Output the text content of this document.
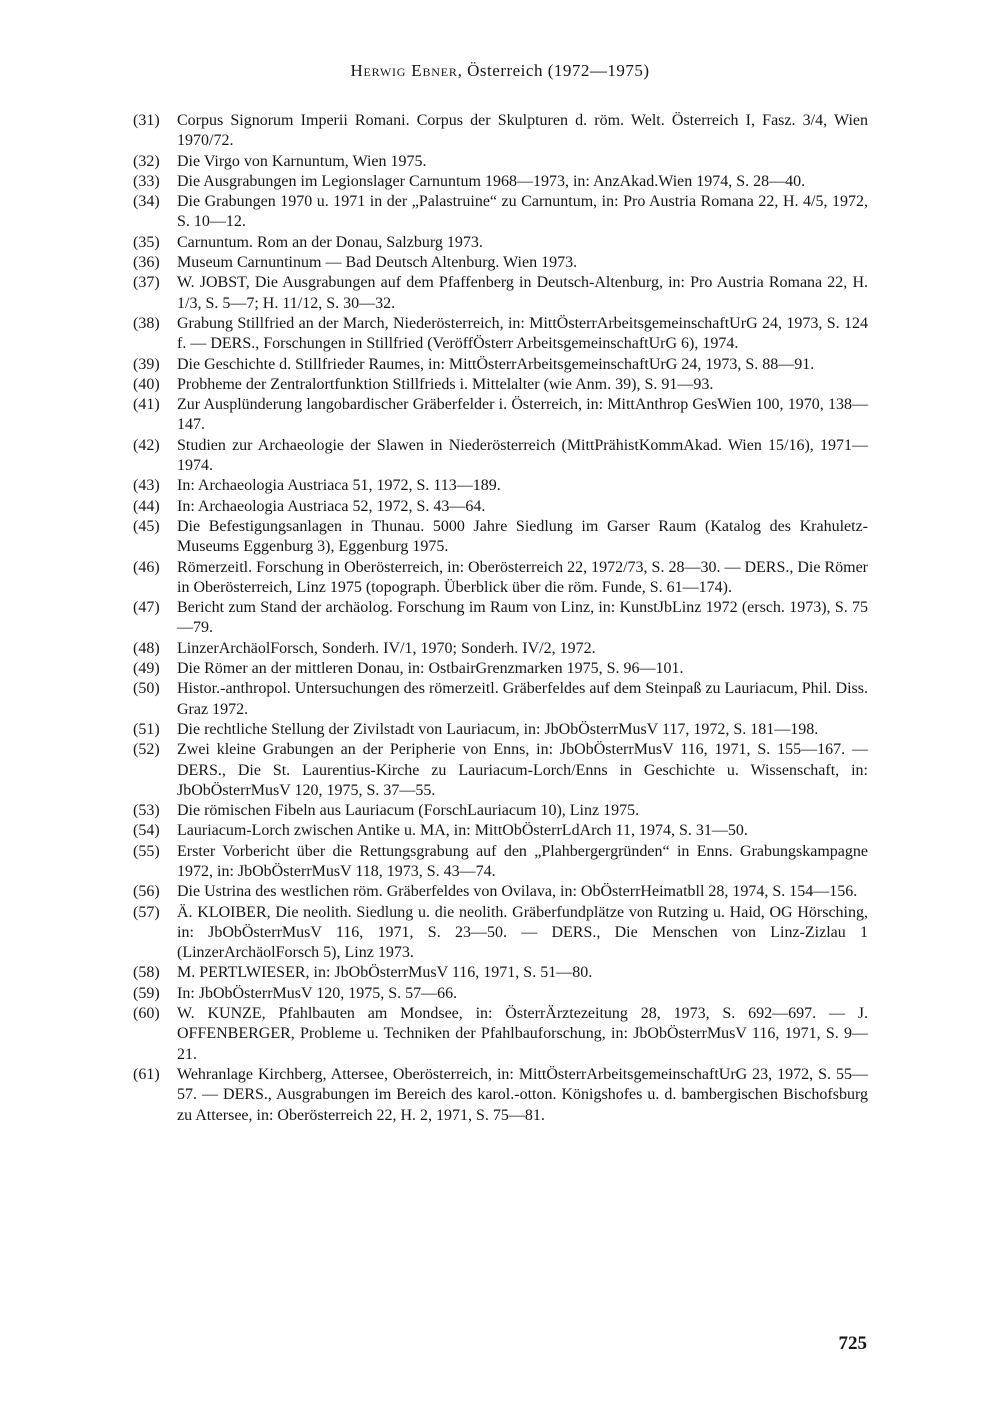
Herwig Ebner, Österreich (1972—1975)
(31)	Corpus Signorum Imperii Romani. Corpus der Skulpturen d. röm. Welt. Österreich I, Fasz. 3/4, Wien 1970/72.
(32)	Die Virgo von Karnuntum, Wien 1975.
(33)	Die Ausgrabungen im Legionslager Carnuntum 1968—1973, in: AnzAkad.Wien 1974, S. 28—40.
(34)	Die Grabungen 1970 u. 1971 in der „Palastruine“ zu Carnuntum, in: Pro Austria Romana 22, H. 4/5, 1972, S. 10—12.
(35)	Carnuntum. Rom an der Donau, Salzburg 1973.
(36)	Museum Carnuntinum — Bad Deutsch Altenburg. Wien 1973.
(37)	W. JOBST, Die Ausgrabungen auf dem Pfaffenberg in Deutsch-Altenburg, in: Pro Austria Romana 22, H. 1/3, S. 5—7; H. 11/12, S. 30—32.
(38)	Grabung Stillfried an der March, Niederösterreich, in: MittÖsterrArbeitsgemeinschaftUrG 24, 1973, S. 124 f. — DERS., Forschungen in Stillfried (VeröffÖsterr ArbeitsgemeinschaftUrG 6), 1974.
(39)	Die Geschichte d. Stillfrieder Raumes, in: MittÖsterrArbeitsgemeinschaftUrG 24, 1973, S. 88—91.
(40)	Probheme der Zentralortfunktion Stillfrieds i. Mittelalter (wie Anm. 39), S. 91—93.
(41)	Zur Ausplünderung langobardischer Gräberfelder i. Österreich, in: MittAnthrop GesWien 100, 1970, 138—147.
(42)	Studien zur Archaeologie der Slawen in Niederösterreich (MittPrähistKommAkad. Wien 15/16), 1971—1974.
(43)	In: Archaeologia Austriaca 51, 1972, S. 113—189.
(44)	In: Archaeologia Austriaca 52, 1972, S. 43—64.
(45)	Die Befestigungsanlagen in Thunau. 5000 Jahre Siedlung im Garser Raum (Katalog des Krahuletz-Museums Eggenburg 3), Eggenburg 1975.
(46)	Römerzeitl. Forschung in Oberösterreich, in: Oberösterreich 22, 1972/73, S. 28—30. — DERS., Die Römer in Oberösterreich, Linz 1975 (topograph. Überblick über die röm. Funde, S. 61—174).
(47)	Bericht zum Stand der archäolog. Forschung im Raum von Linz, in: KunstJbLinz 1972 (ersch. 1973), S. 75—79.
(48)	LinzerArchäolForsch, Sonderh. IV/1, 1970; Sonderh. IV/2, 1972.
(49)	Die Römer an der mittleren Donau, in: OstbairGrenzmarken 1975, S. 96—101.
(50)	Histor.-anthropol. Untersuchungen des römerzeitl. Gräberfeldes auf dem Steinpaß zu Lauriacum, Phil. Diss. Graz 1972.
(51)	Die rechtliche Stellung der Zivilstadt von Lauriacum, in: JbObÖsterrMusV 117, 1972, S. 181—198.
(52)	Zwei kleine Grabungen an der Peripherie von Enns, in: JbObÖsterrMusV 116, 1971, S. 155—167. — DERS., Die St. Laurentius-Kirche zu Lauriacum-Lorch/Enns in Geschichte u. Wissenschaft, in: JbObÖsterrMusV 120, 1975, S. 37—55.
(53)	Die römischen Fibeln aus Lauriacum (ForschLauriacum 10), Linz 1975.
(54)	Lauriacum-Lorch zwischen Antike u. MA, in: MittObÖsterrLdArch 11, 1974, S. 31—50.
(55)	Erster Vorbericht über die Rettungsgrabung auf den „Plahbergergründen“ in Enns. Grabungskampagne 1972, in: JbObÖsterrMusV 118, 1973, S. 43—74.
(56)	Die Ustrina des westlichen röm. Gräberfeldes von Ovilava, in: ObÖsterrHeimatbll 28, 1974, S. 154—156.
(57)	Ä. KLOIBER, Die neolith. Siedlung u. die neolith. Gräberfundplätze von Rutzing u. Haid, OG Hörsching, in: JbObÖsterrMusV 116, 1971, S. 23—50. — DERS., Die Menschen von Linz-Zizlau 1 (LinzerArchäolForsch 5), Linz 1973.
(58)	M. PERTLWIESER, in: JbObÖsterrMusV 116, 1971, S. 51—80.
(59)	In: JbObÖsterrMusV 120, 1975, S. 57—66.
(60)	W. KUNZE, Pfahlbauten am Mondsee, in: ÖsterrÄrztezeitung 28, 1973, S. 692—697. — J. OFFENBERGER, Probleme u. Techniken der Pfahlbauforschung, in: JbObÖsterrMusV 116, 1971, S. 9—21.
(61)	Wehranlage Kirchberg, Attersee, Oberösterreich, in: MittÖsterrArbeitsgemeinschaftUrG 23, 1972, S. 55—57. — DERS., Ausgrabungen im Bereich des karol.-otton. Königshofes u. d. bambergischen Bischofsburg zu Attersee, in: Oberösterreich 22, H. 2, 1971, S. 75—81.
725
